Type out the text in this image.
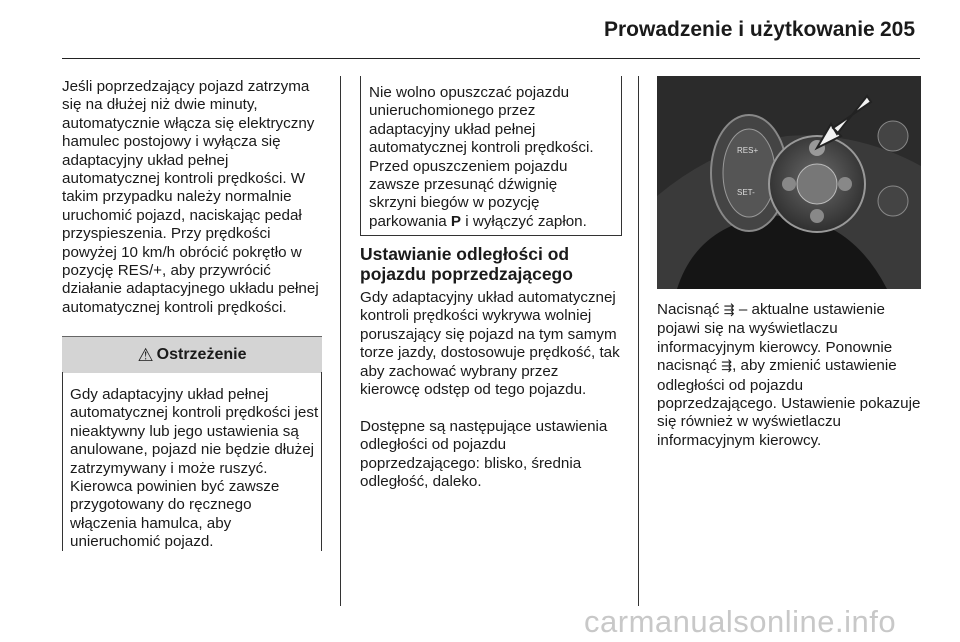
Prowadzenie i użytkowanie 205
Jeśli poprzedzający pojazd zatrzyma się na dłużej niż dwie minuty, automatycznie włącza się elektryczny hamulec postojowy i wyłącza się adaptacyjny układ pełnej automatycznej kontroli prędkości. W takim przypadku należy normalnie uruchomić pojazd, naciskając pedał przyspieszenia. Przy prędkości powyżej 10 km/h obrócić pokrętło w pozycję RES/+, aby przywrócić działanie adaptacyjnego układu pełnej automatycznej kontroli prędkości.
⚠ Ostrzeżenie
Gdy adaptacyjny układ pełnej automatycznej kontroli prędkości jest nieaktywny lub jego ustawienia są anulowane, pojazd nie będzie dłużej zatrzymywany i może ruszyć. Kierowca powinien być zawsze przygotowany do ręcznego włączenia hamulca, aby unieruchomić pojazd.
Nie wolno opuszczać pojazdu
unieruchomionego przez
adaptacyjny układ pełnej
automatycznej kontroli prędkości.
Przed opuszczeniem pojazdu
zawsze przesunąć dźwignię
skrzyni biegów w pozycję
parkowania P i wyłączyć zapłon.
Ustawianie odległości od pojazdu poprzedzającego
Gdy adaptacyjny układ automatycznej kontroli prędkości wykrywa wolniej poruszający się pojazd na tym samym torze jazdy, dostosowuje prędkość, tak aby zachować wybrany przez kierowcę odstęp od tego pojazdu.
Dostępne są następujące ustawienia odległości od pojazdu poprzedzającego: blisko, średnia odległość, daleko.
RES+
SET-
Nacisnąć ⇶ – aktualne ustawienie pojawi się na wyświetlaczu informacyjnym kierowcy. Ponownie nacisnąć ⇶, aby zmienić ustawienie odległości od pojazdu poprzedzającego. Ustawienie pokazuje się również w wyświetlaczu informacyjnym kierowcy.
carmanualsonline.info
